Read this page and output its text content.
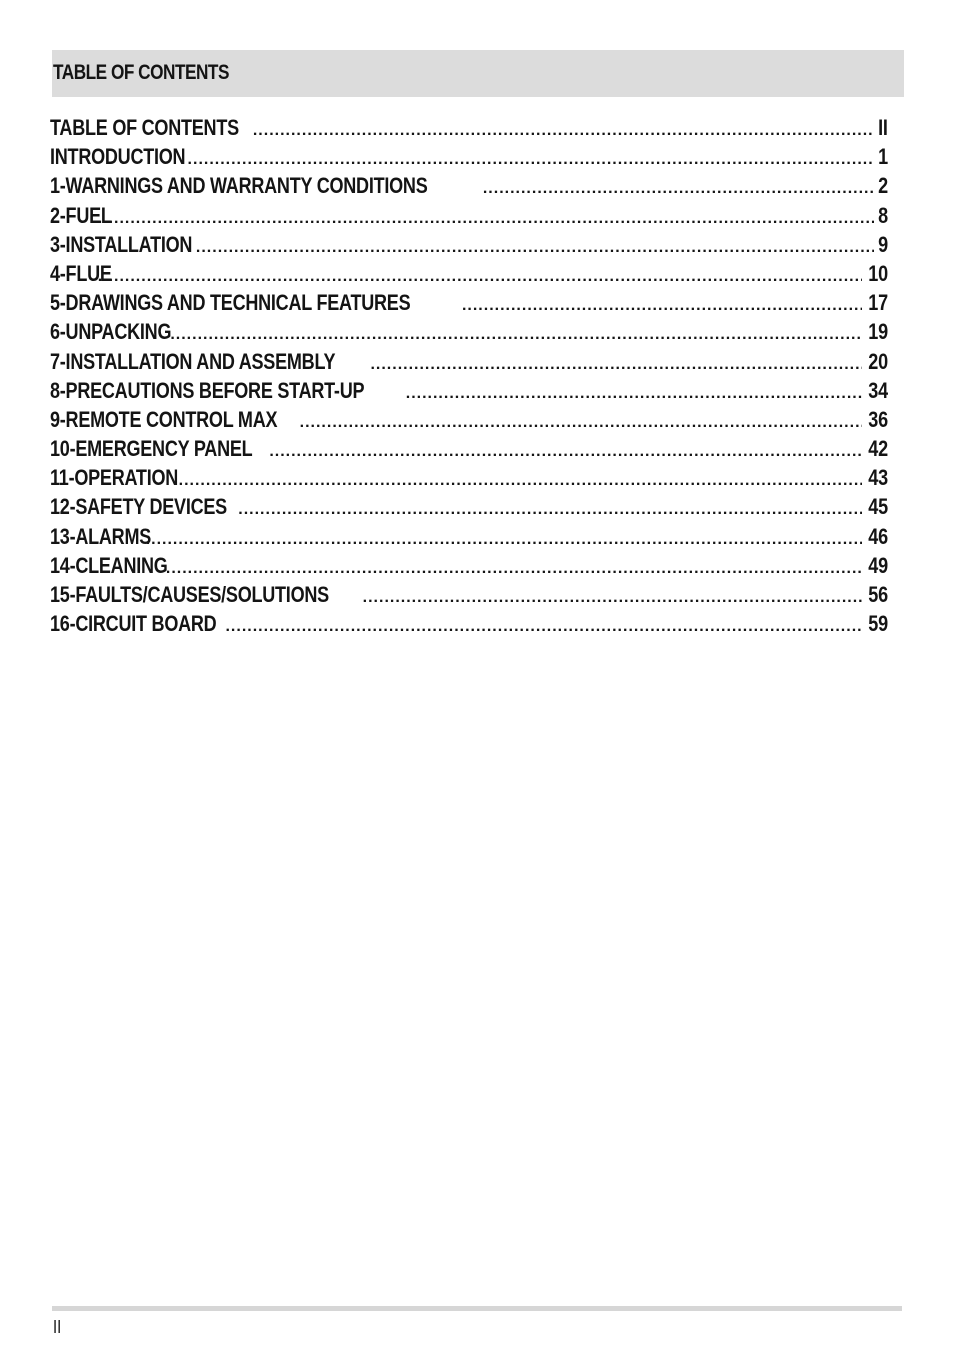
TABLE OF CONTENTS
TABLE OF CONTENTS .....	II
INTRODUCTION .....	1
1-WARNINGS AND WARRANTY CONDITIONS .....	2
2-FUEL .....	8
3-INSTALLATION .....	9
4-FLUE .....	10
5-DRAWINGS AND TECHNICAL FEATURES .....	17
6-UNPACKING .....	19
7-INSTALLATION AND ASSEMBLY .....	20
8-PRECAUTIONS BEFORE START-UP .....	34
9-REMOTE CONTROL MAX .....	36
10-EMERGENCY PANEL .....	42
11-OPERATION .....	43
12-SAFETY DEVICES .....	45
13-ALARMS .....	46
14-CLEANING .....	49
15-FAULTS/CAUSES/SOLUTIONS .....	56
16-CIRCUIT BOARD .....	59
II
